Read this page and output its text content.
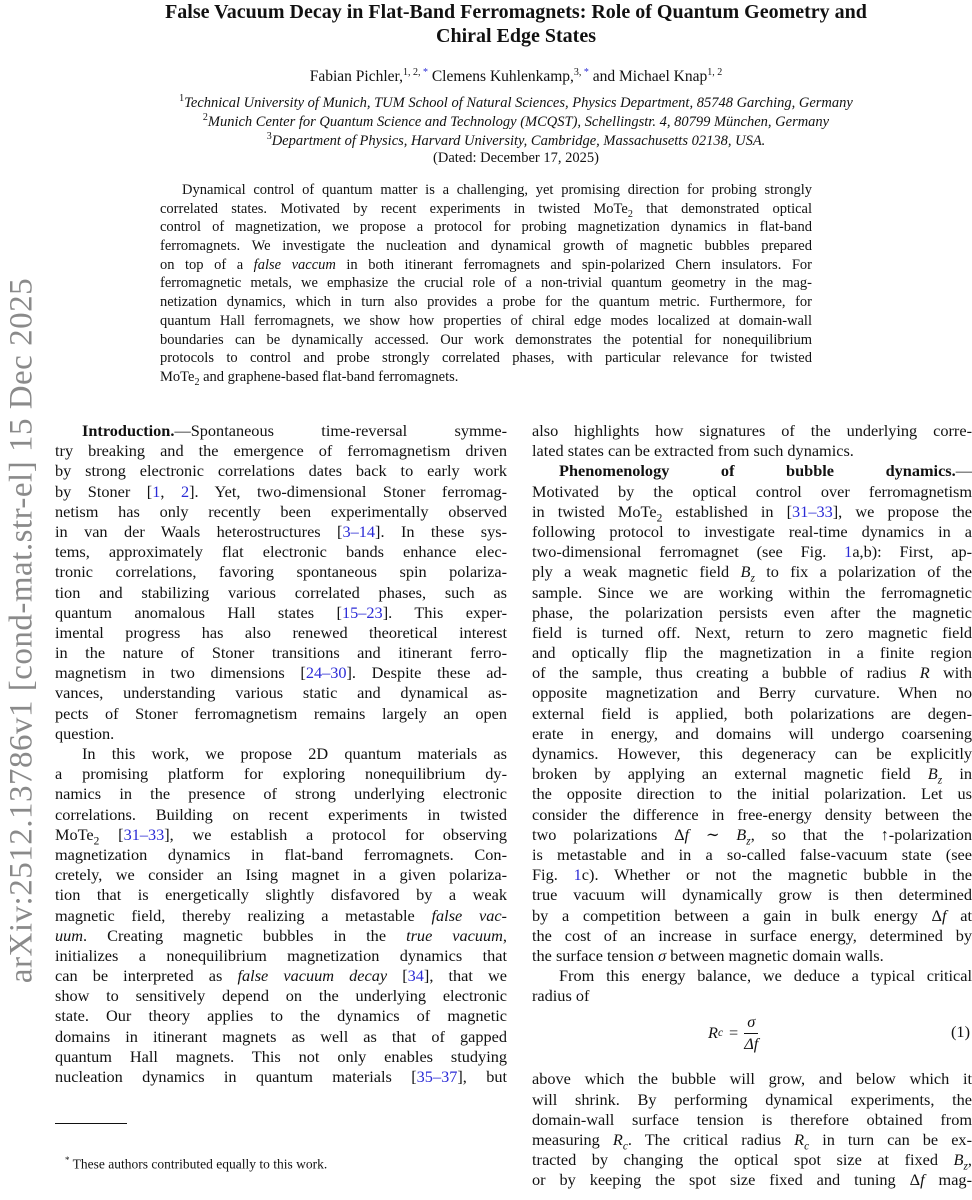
arXiv:2512.13786v1 [cond-mat.str-el] 15 Dec 2025
False Vacuum Decay in Flat-Band Ferromagnets: Role of Quantum Geometry and
Chiral Edge States
Fabian Pichler,$^{1, 2, *}$ Clemens Kuhlenkamp,$^{3, *}$ and Michael Knap$^{1, 2}$
$^1$Technical University of Munich, TUM School of Natural Sciences, Physics Department, 85748 Garching, Germany
$^2$Munich Center for Quantum Science and Technology (MCQST), Schellingstr. 4, 80799 München, Germany
$^3$Department of Physics, Harvard University, Cambridge, Massachusetts 02138, USA.
(Dated: December 17, 2025)
Dynamical control of quantum matter is a challenging, yet promising direction for probing strongly
correlated states. Motivated by recent experiments in twisted MoTe$_2$ that demonstrated optical
control of magnetization, we propose a protocol for probing magnetization dynamics in flat-band
ferromagnets. We investigate the nucleation and dynamical growth of magnetic bubbles prepared
on top of a false vaccum in both itinerant ferromagnets and spin-polarized Chern insulators. For
ferromagnetic metals, we emphasize the crucial role of a non-trivial quantum geometry in the mag-
netization dynamics, which in turn also provides a probe for the quantum metric. Furthermore, for
quantum Hall ferromagnets, we show how properties of chiral edge modes localized at domain-wall
boundaries can be dynamically accessed. Our work demonstrates the potential for nonequilibrium
protocols to control and probe strongly correlated phases, with particular relevance for twisted
MoTe$_2$ and graphene-based flat-band ferromagnets.
Introduction.—Spontaneous time-reversal symme-
try breaking and the emergence of ferromagnetism driven
by strong electronic correlations dates back to early work
by Stoner [1, 2]. Yet, two-dimensional Stoner ferromag-
netism has only recently been experimentally observed
in van der Waals heterostructures [3–14]. In these sys-
tems, approximately flat electronic bands enhance elec-
tronic correlations, favoring spontaneous spin polariza-
tion and stabilizing various correlated phases, such as
quantum anomalous Hall states [15–23]. This exper-
imental progress has also renewed theoretical interest
in the nature of Stoner transitions and itinerant ferro-
magnetism in two dimensions [24–30]. Despite these ad-
vances, understanding various static and dynamical as-
pects of Stoner ferromagnetism remains largely an open
question.
In this work, we propose 2D quantum materials as
a promising platform for exploring nonequilibrium dy-
namics in the presence of strong underlying electronic
correlations. Building on recent experiments in twisted
MoTe$_2$ [31–33], we establish a protocol for observing
magnetization dynamics in flat-band ferromagnets. Con-
cretely, we consider an Ising magnet in a given polariza-
tion that is energetically slightly disfavored by a weak
magnetic field, thereby realizing a metastable false vac-
uum. Creating magnetic bubbles in the true vacuum,
initializes a nonequilibrium magnetization dynamics that
can be interpreted as false vacuum decay [34], that we
show to sensitively depend on the underlying electronic
state. Our theory applies to the dynamics of magnetic
domains in itinerant magnets as well as that of gapped
quantum Hall magnets. This not only enables studying
nucleation dynamics in quantum materials [35–37], but
also highlights how signatures of the underlying corre-
lated states can be extracted from such dynamics.
Phenomenology of bubble dynamics.—
Motivated by the optical control over ferromagnetism
in twisted MoTe$_2$ established in [31–33], we propose the
following protocol to investigate real-time dynamics in a
two-dimensional ferromagnet (see Fig. 1a,b): First, ap-
ply a weak magnetic field $B_z$ to fix a polarization of the
sample. Since we are working within the ferromagnetic
phase, the polarization persists even after the magnetic
field is turned off. Next, return to zero magnetic field
and optically flip the magnetization in a finite region
of the sample, thus creating a bubble of radius R with
opposite magnetization and Berry curvature. When no
external field is applied, both polarizations are degen-
erate in energy, and domains will undergo coarsening
dynamics. However, this degeneracy can be explicitly
broken by applying an external magnetic field $B_z$ in
the opposite direction to the initial polarization. Let us
consider the difference in free-energy density between the
two polarizations Δf ∼ $B_z$, so that the ↑-polarization
is metastable and in a so-called false-vacuum state (see
Fig. 1c). Whether or not the magnetic bubble in the
true vacuum will dynamically grow is then determined
by a competition between a gain in bulk energy Δf at
the cost of an increase in surface energy, determined by
the surface tension σ between magnetic domain walls.
From this energy balance, we deduce a typical critical
radius of
R $c = \frac{\sigma}{\Delta f}$	(1)
above which the bubble will grow, and below which it
will shrink. By performing dynamical experiments, the
domain-wall surface tension is therefore obtained from
measuring $R_c$. The critical radius $R_c$ in turn can be ex-
tracted by changing the optical spot size at fixed $B_z$,
or by keeping the spot size fixed and tuning Δf mag-
* These authors contributed equally to this work.
